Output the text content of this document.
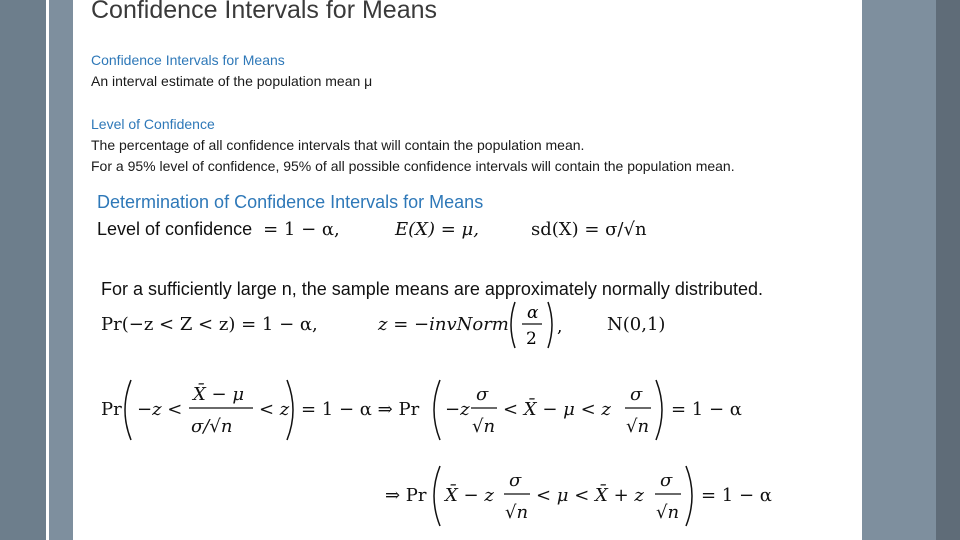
Confidence Intervals for Means
Confidence Intervals for Means
An interval estimate of the population mean μ
Level of Confidence
The percentage of all confidence intervals that will contain the population mean.
For a 95% level of confidence, 95% of all possible confidence intervals will contain the population mean.
Determination of Confidence Intervals for Means
Level of confidence = 1 − α,	E(X) = μ,	sd(X) = σ/√n
For a sufficiently large n, the sample means are approximately normally distributed.
Pr(−z < Z < z) = 1 − α,	z = −invNorm
α
2
, N(0,1)
Pr −z <
X̄ − μ
σ/√n
< z = 1 − α ⇒ Pr −z
σ
√n
< X̄ − μ < z
σ
√n
= 1 − α
⇒ Pr X̄ − z
σ
√n
< μ < X̄ + z
σ
√n
= 1 − α
